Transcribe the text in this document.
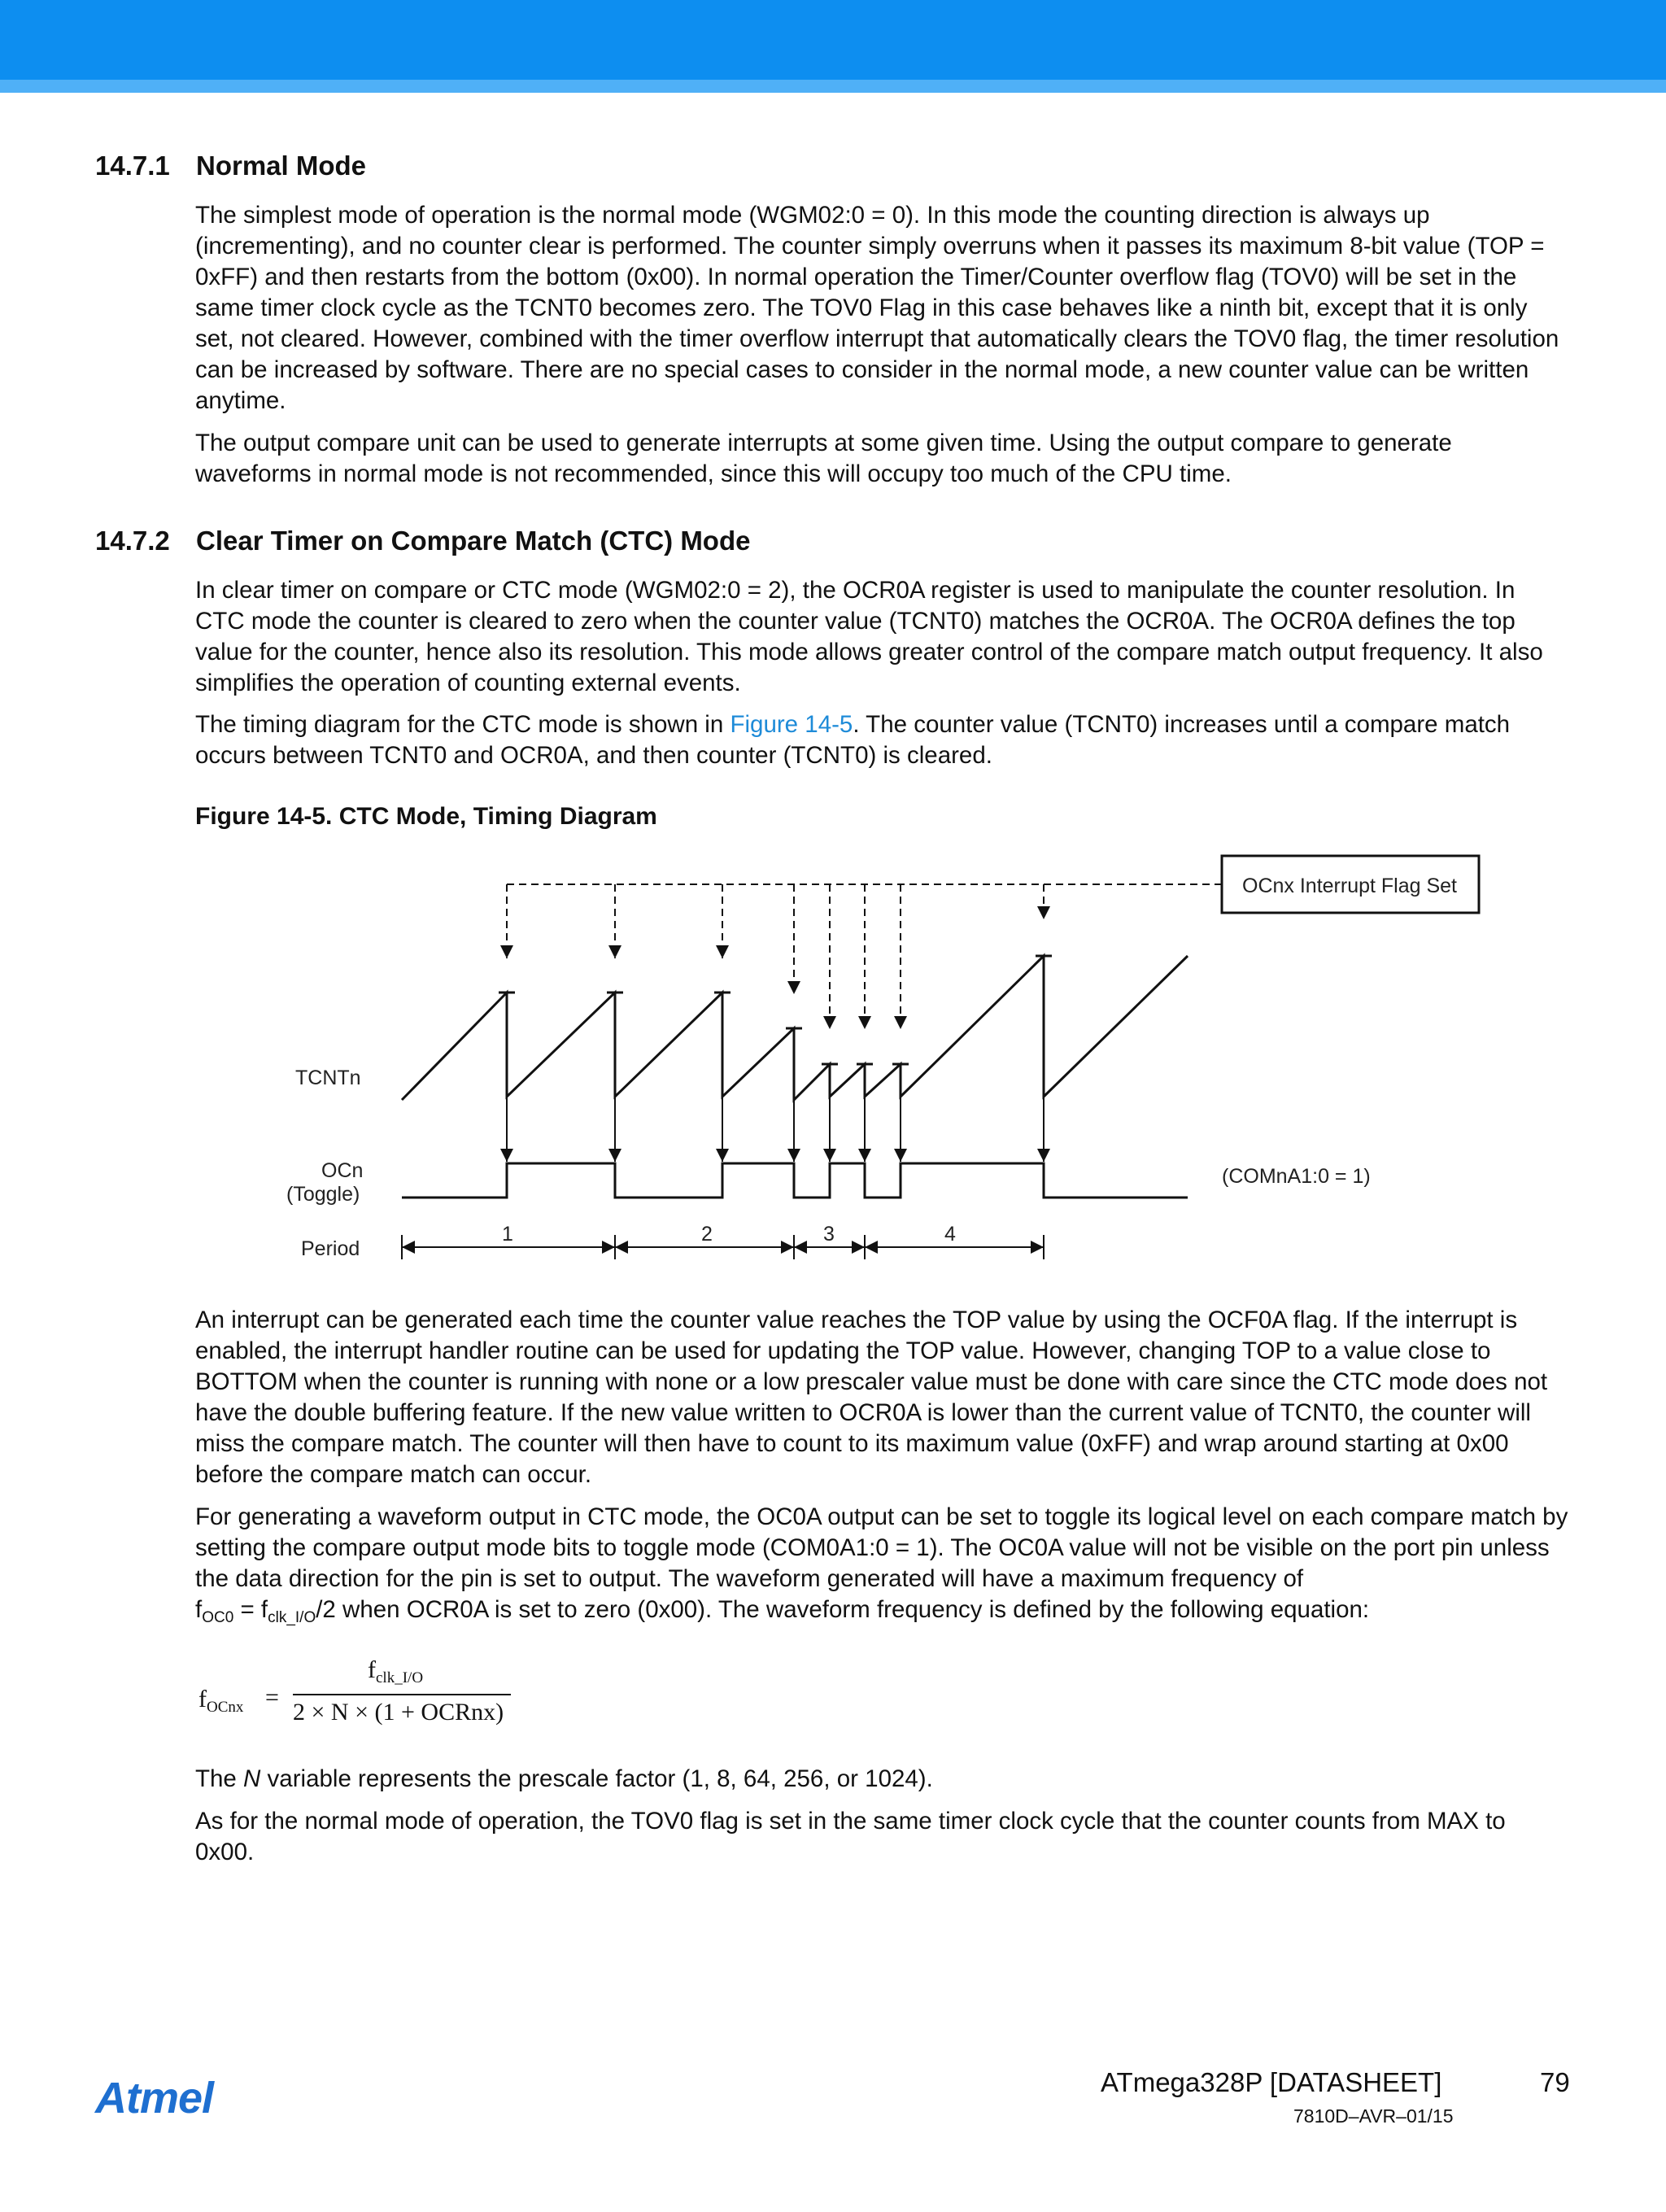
14.7.1 Normal Mode

The simplest mode of operation is the normal mode (WGM02:0 = 0). In this mode the counting direction is always up (incrementing), and no counter clear is performed. The counter simply overruns when it passes its maximum 8-bit value (TOP = 0xFF) and then restarts from the bottom (0x00). In normal operation the Timer/Counter overflow flag (TOV0) will be set in the same timer clock cycle as the TCNT0 becomes zero. The TOV0 Flag in this case behaves like a ninth bit, except that it is only set, not cleared. However, combined with the timer overflow interrupt that automatically clears the TOV0 flag, the timer resolution can be increased by software. There are no special cases to consider in the normal mode, a new counter value can be written anytime.

The output compare unit can be used to generate interrupts at some given time. Using the output compare to generate waveforms in normal mode is not recommended, since this will occupy too much of the CPU time.

14.7.2 Clear Timer on Compare Match (CTC) Mode

In clear timer on compare or CTC mode (WGM02:0 = 2), the OCR0A register is used to manipulate the counter resolution. In CTC mode the counter is cleared to zero when the counter value (TCNT0) matches the OCR0A. The OCR0A defines the top value for the counter, hence also its resolution. This mode allows greater control of the compare match output frequency. It also simplifies the operation of counting external events.

The timing diagram for the CTC mode is shown in Figure 14-5. The counter value (TCNT0) increases until a compare match occurs between TCNT0 and OCR0A, and then counter (TCNT0) is cleared.

Figure 14-5. CTC Mode, Timing Diagram

OCnx Interrupt Flag Set
TCNTn
OCn
(Toggle)
(COMnA1:0 = 1)
Period
1	2	3	4

An interrupt can be generated each time the counter value reaches the TOP value by using the OCF0A flag. If the interrupt is enabled, the interrupt handler routine can be used for updating the TOP value. However, changing TOP to a value close to BOTTOM when the counter is running with none or a low prescaler value must be done with care since the CTC mode does not have the double buffering feature. If the new value written to OCR0A is lower than the current value of TCNT0, the counter will miss the compare match. The counter will then have to count to its maximum value (0xFF) and wrap around starting at 0x00 before the compare match can occur.

For generating a waveform output in CTC mode, the OC0A output can be set to toggle its logical level on each compare match by setting the compare output mode bits to toggle mode (COM0A1:0 = 1). The OC0A value will not be visible on the port pin unless the data direction for the pin is set to output. The waveform generated will have a maximum frequency of
$f_{OC0} = f_{clk\_I/O}/2$ when OCR0A is set to zero (0x00). The waveform frequency is defined by the following equation:

$f_{OCnx}$ =
$f_{clk\_I/O}$
2 × N × (1 + OCRnx)

The N variable represents the prescale factor (1, 8, 64, 256, or 1024).

As for the normal mode of operation, the TOV0 flag is set in the same timer clock cycle that the counter counts from MAX to 0x00.

Atmel	ATmega328P [DATASHEET]	79
7810D–AVR–01/15
